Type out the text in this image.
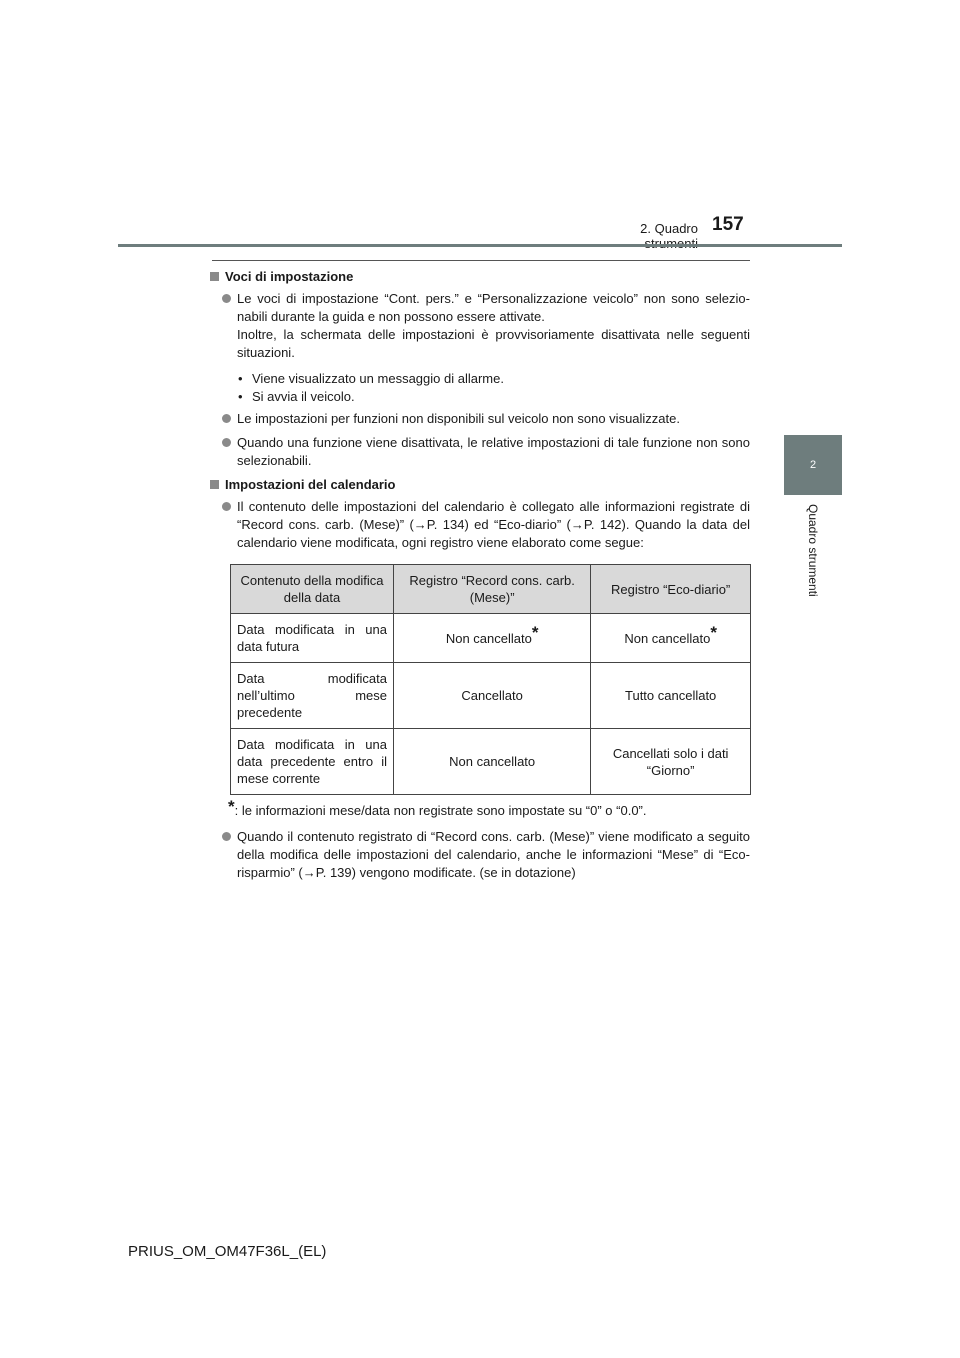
2. Quadro 157
2
Quadro strumenti
Voci di impostazione
Le voci di impostazione “Cont. pers.” e “Personalizzazione veicolo” non sono selezio-nabili durante la guida e non possono essere attivate.
Inoltre, la schermata delle impostazioni è provvisoriamente disattivata nelle seguenti situazioni.
• Viene visualizzato un messaggio di allarme.
• Si avvia il veicolo.
Le impostazioni per funzioni non disponibili sul veicolo non sono visualizzate.
Quando una funzione viene disattivata, le relative impostazioni di tale funzione non sono selezionabili.
Impostazioni del calendario
Il contenuto delle impostazioni del calendario è collegato alle informazioni registrate di “Record cons. carb. (Mese)” (→P. 134) ed “Eco-diario” (→P. 142). Quando la data del calendario viene modificata, ogni registro viene elaborato come segue:
Contenuto della modifica della data	Registro “Record cons. carb. (Mese)”	Registro “Eco-diario”
Data modificata in una data futura	Non cancellato*	Non cancellato*
Data modificata nell’ultimo mese precedente	Cancellato	Tutto cancellato
Data modificata in una data precedente entro il mese corrente	Non cancellato	Cancellati solo i dati “Giorno”
*: le informazioni mese/data non registrate sono impostate su “0” o “0.0”.
Quando il contenuto registrato di “Record cons. carb. (Mese)” viene modificato a seguito della modifica delle impostazioni del calendario, anche le informazioni “Mese” di “Eco-risparmio” (→P. 139) vengono modificate. (se in dotazione)
PRIUS_OM_OM47F36L_(EL)
